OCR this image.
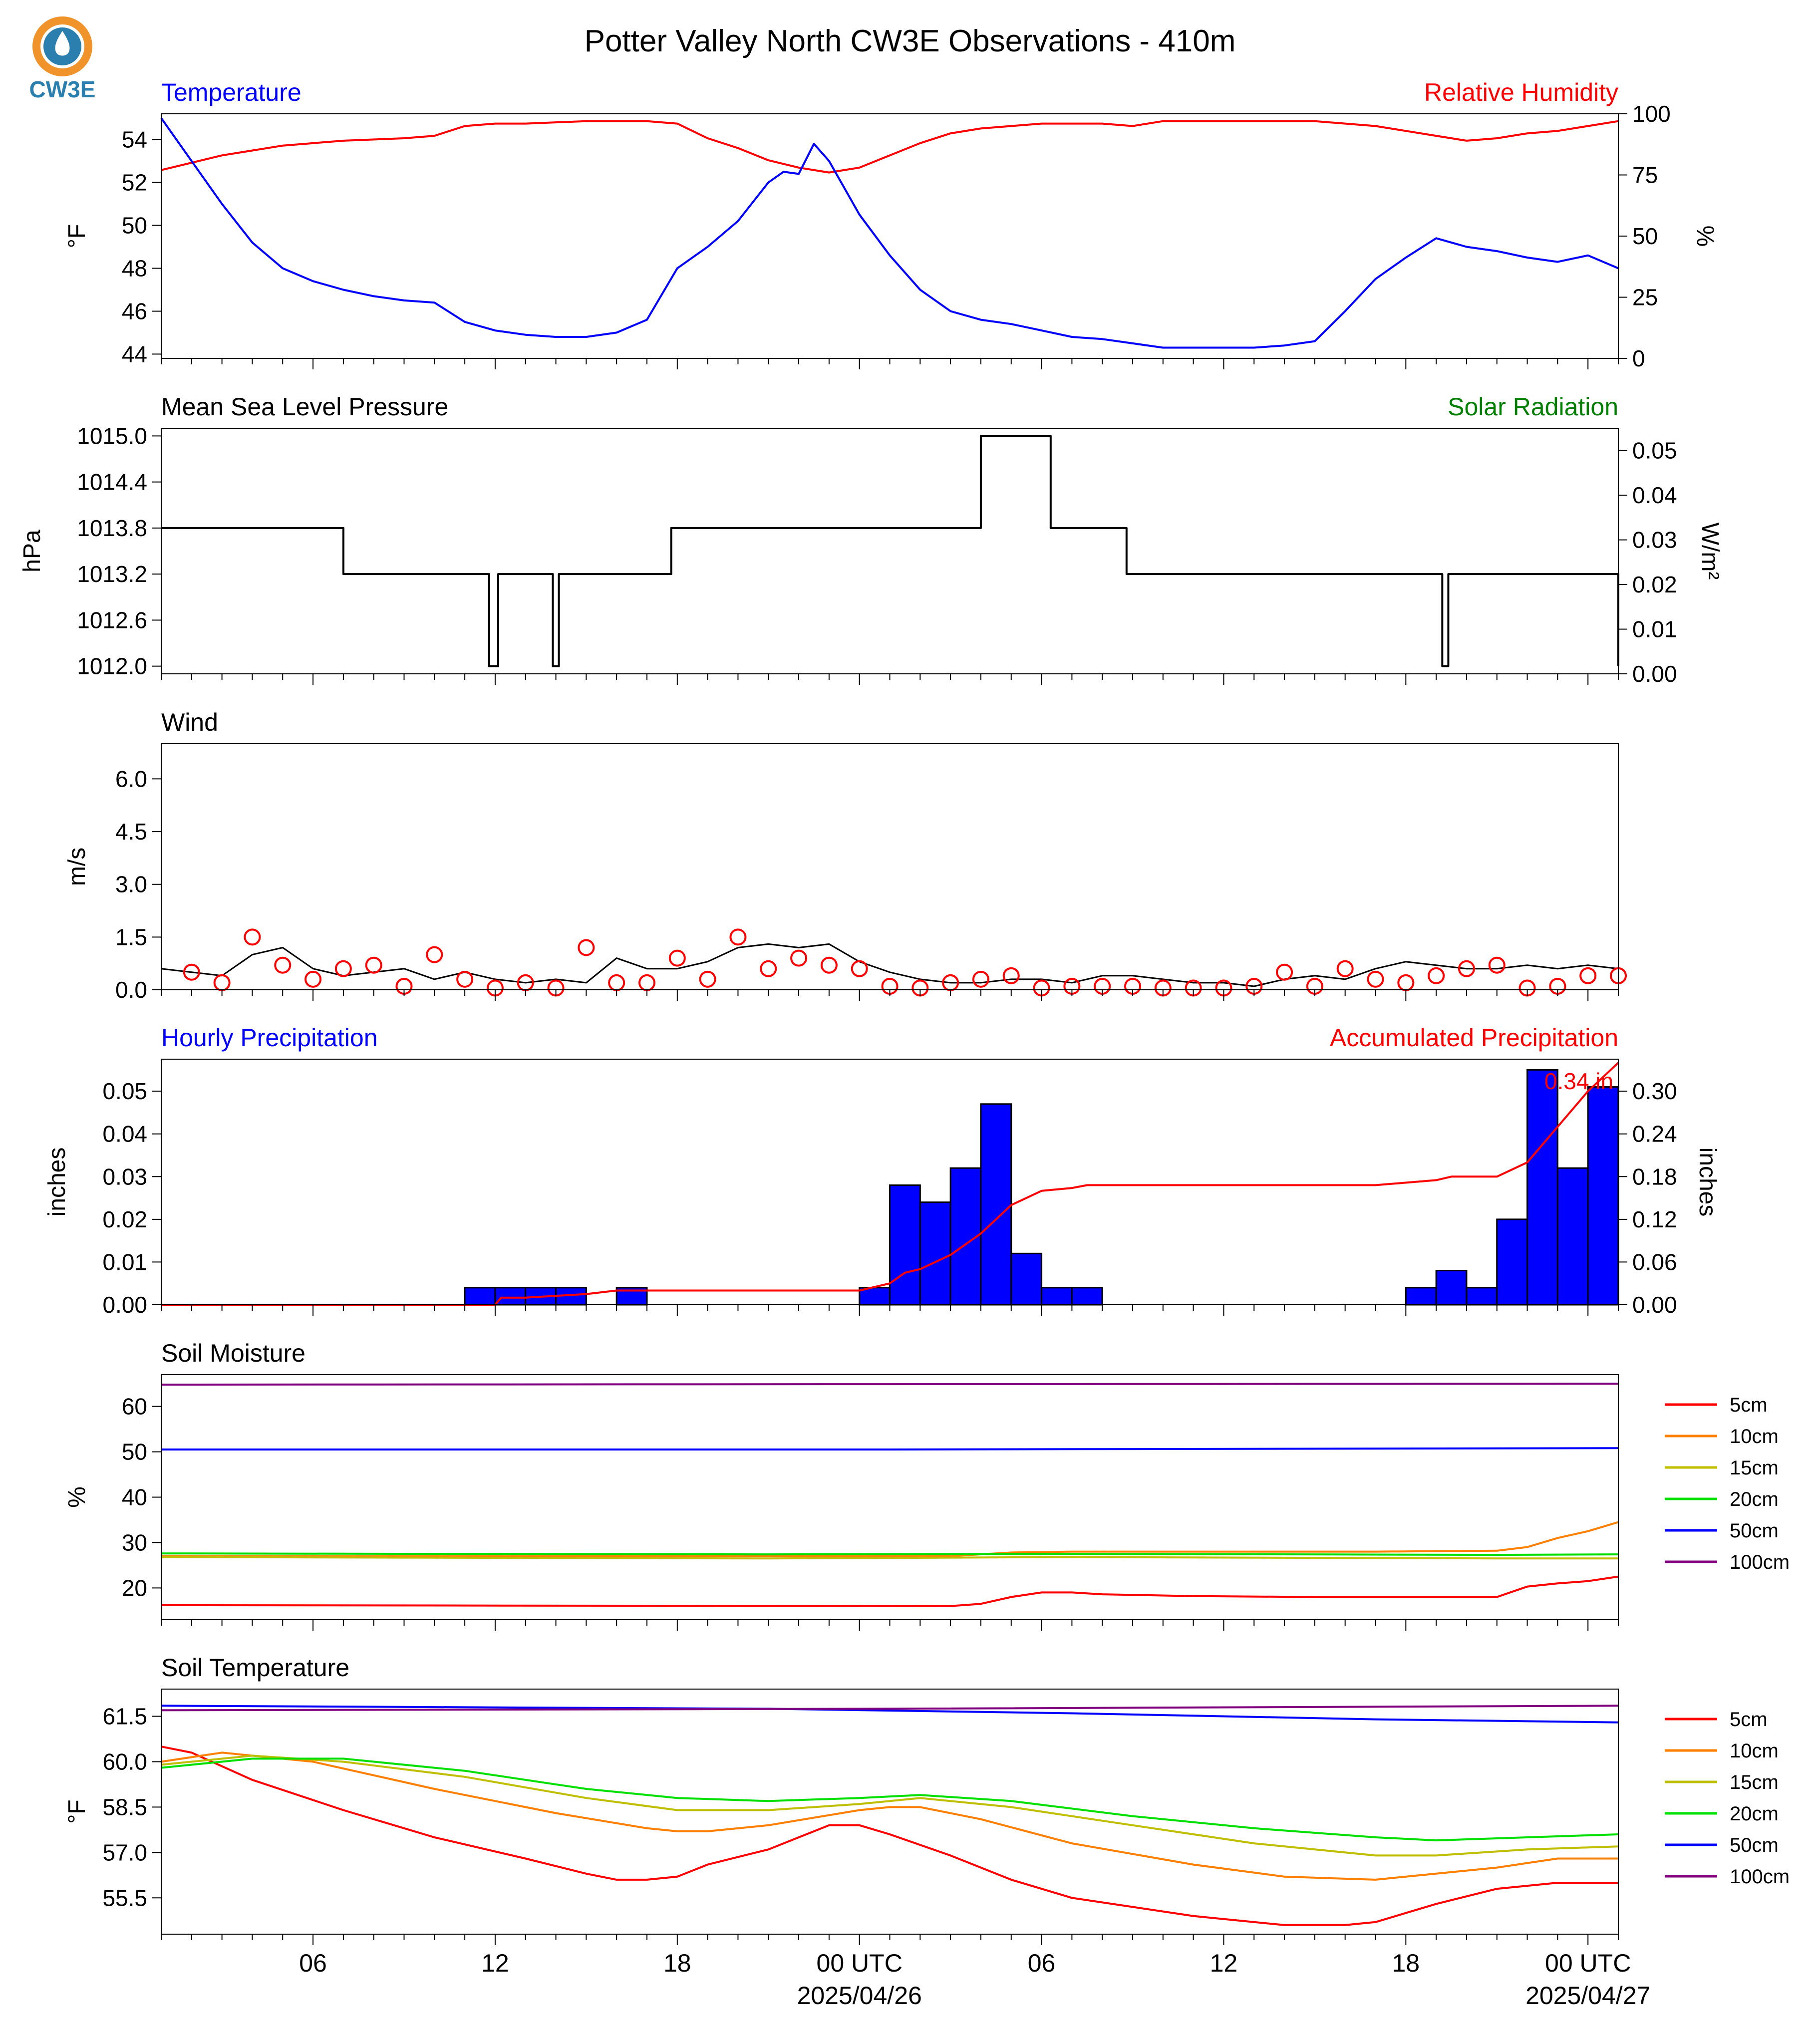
CW3E
Potter Valley North CW3E Observations - 410m
Temperature	Relative Humidity
44
46
48
50
52
54
0
25
50
75
100
°F	%
Mean Sea Level Pressure	Solar Radiation
1012.0
1012.6
1013.2
1013.8
1014.4
1015.0
0.00
0.01
0.02
0.03
0.04
0.05
hPa	W/m²
Wind
0.0
1.5
3.0
4.5
6.0
m/s
Hourly Precipitation	Accumulated Precipitation
0.00
0.01
0.02
0.03
0.04
0.05
0.00
0.06
0.12
0.18
0.24
0.30
inches	inches
0.34 in
Soil Moisture
20
30
40
50
60
%
5cm
10cm
15cm
20cm
50cm
100cm
Soil Temperature
55.5
57.0
58.5
60.0
61.5
°F
5cm
10cm
15cm
20cm
50cm
100cm
06	12	18	00 UTC	06	12	18	00 UTC
2025/04/26	2025/04/27
